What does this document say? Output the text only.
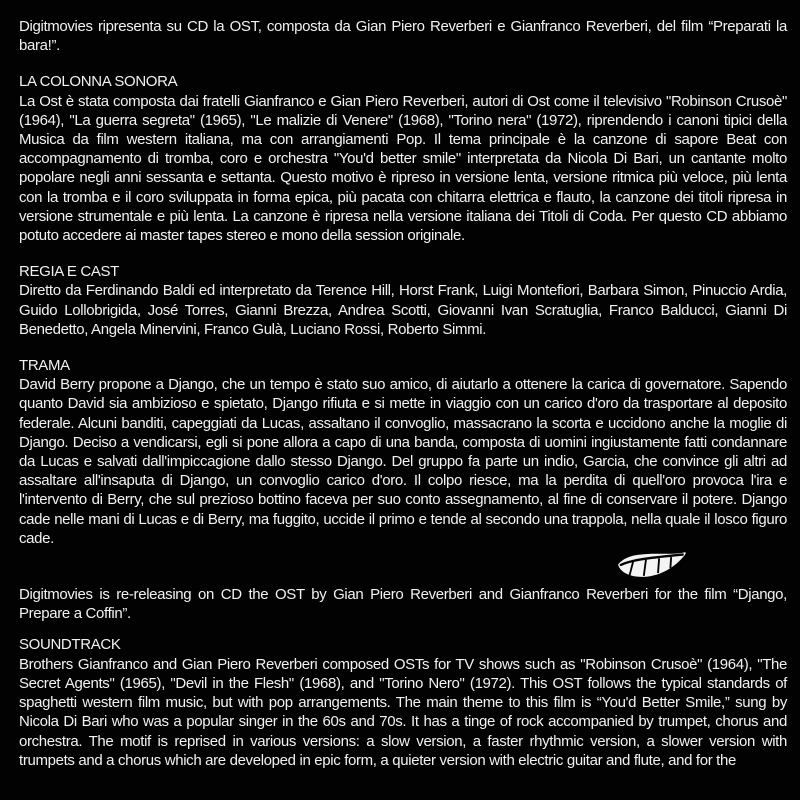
Digitmovies ripresenta su CD la OST, composta da Gian Piero Reverberi e Gianfranco Reverberi, del film “Preparati la bara!”.

LA COLONNA SONORA

La Ost è stata composta dai fratelli Gianfranco e Gian Piero Reverberi, autori di Ost come il televisivo "Robinson Crusoè" (1964), "La guerra segreta" (1965), "Le malizie di Venere" (1968), "Torino nera" (1972), riprendendo i canoni tipici della Musica da film western italiana, ma con arrangiamenti Pop. Il tema principale è la canzone di sapore Beat con accompagnamento di tromba, coro e orchestra "You'd better smile" interpretata da Nicola Di Bari, un cantante molto popolare negli anni sessanta e settanta. Questo motivo è ripreso in versione lenta, versione ritmica più veloce, più lenta con la tromba e il coro sviluppata in forma epica, più pacata con chitarra elettrica e flauto, la canzone dei titoli ripresa in versione strumentale e più lenta. La canzone è ripresa nella versione italiana dei Titoli di Coda. Per questo CD abbiamo potuto accedere ai master tapes stereo e mono della session originale.

REGIA E CAST

Diretto da Ferdinando Baldi ed interpretato da Terence Hill, Horst Frank, Luigi Montefiori, Barbara Simon, Pinuccio Ardia, Guido Lollobrigida, José Torres, Gianni Brezza, Andrea Scotti, Giovanni Ivan Scratuglia, Franco Balducci, Gianni Di Benedetto, Angela Minervini, Franco Gulà, Luciano Rossi, Roberto Simmi.

TRAMA

David Berry propone a Django, che un tempo è stato suo amico, di aiutarlo a ottenere la carica di governatore. Sapendo quanto David sia ambizioso e spietato, Django rifiuta e si mette in viaggio con un carico d'oro da trasportare al deposito federale. Alcuni banditi, capeggiati da Lucas, assaltano il convoglio, massacrano la scorta e uccidono anche la moglie di Django. Deciso a vendicarsi, egli si pone allora a capo di una banda, composta di uomini ingiustamente fatti condannare da Lucas e salvati dall'impiccagione dallo stesso Django. Del gruppo fa parte un indio, Garcia, che convince gli altri ad assaltare all'insaputa di Django, un convoglio carico d'oro. Il colpo riesce, ma la perdita di quell'oro provoca l'ira e l'intervento di Berry, che sul prezioso bottino faceva per suo conto assegnamento, al fine di conservare il potere. Django cade nelle mani di Lucas e di Berry, ma fuggito, uccide il primo e tende al secondo una trappola, nella quale il losco figuro cade.

Digitmovies is re-releasing on CD the OST by Gian Piero Reverberi and Gianfranco Reverberi for the film “Django, Prepare a Coffin”.

SOUNDTRACK

Brothers Gianfranco and Gian Piero Reverberi composed OSTs for TV shows such as "Robinson Crusoè" (1964), "The Secret Agents" (1965), "Devil in the Flesh" (1968), and "Torino Nero" (1972). This OST follows the typical standards of spaghetti western film music, but with pop arrangements. The main theme to this film is “You'd Better Smile,” sung by Nicola Di Bari who was a popular singer in the 60s and 70s. It has a tinge of rock accompanied by trumpet, chorus and orchestra. The motif is reprised in various versions: a slow version, a faster rhythmic version, a slower version with trumpets and a chorus which are developed in epic form, a quieter version with electric guitar and flute, and for the
